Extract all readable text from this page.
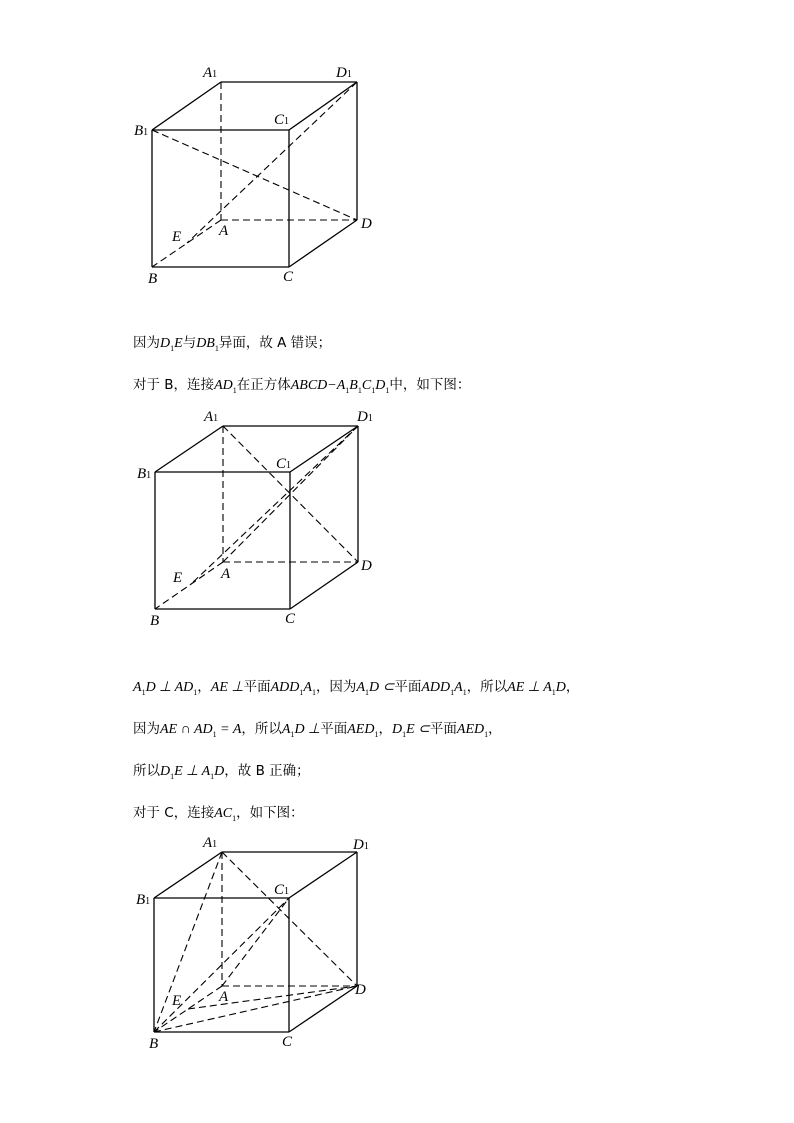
A1	D1
B1
C1
A	D
E
B	C
因为$D_1E$与$DB_1$异面，故 A 错误；
对于 B，连接$AD_1$在正方体$ABCD-A_1B_1C_1D_1$中，如下图：
A1	D1
B1
C1
A	D
E
B	C
$A_1D$ ⊥ $AD_1$，AE ⊥平面$ADD_1A_1$，因为$A_1D$ ⊂平面$ADD_1A_1$，所以AE ⊥ $A_1D$，
因为AE ∩ $AD_1 = A$，所以$A_1D$ ⊥平面$AED_1$，$D_1E$ ⊂平面$AED_1$，
所以$D_1E$ ⊥ $A_1D$，故 B 正确；
对于 C，连接$AC_1$，如下图：
A1	D1
B1
C1
A	D
E
B	C
